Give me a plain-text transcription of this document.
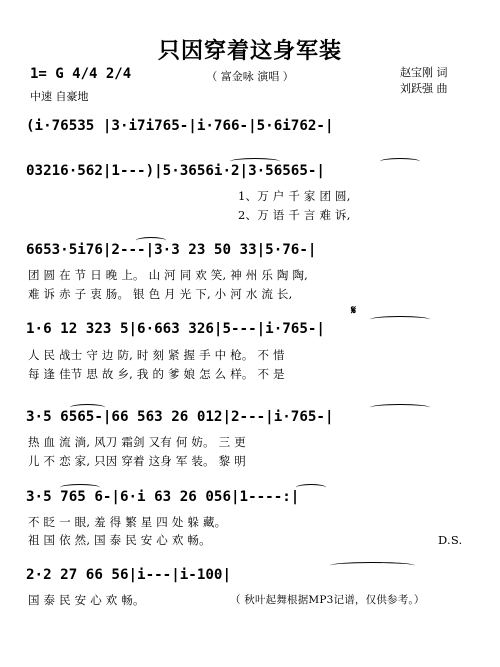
只因穿着这身军装
1= G 4/4 2/4
中速 自豪地
（ 富金咏 演唱 ）	赵宝刚 词
刘跃强 曲
(i·76535 |3·i7i765-|i·766-|5·6i762-|
03216·562|1---)|5·3656i·2|3·56565-|
1、万 户 千 家 团 圆,
2、万 语 千 言 难 诉,
6653·5i76|2---|3·3 23 50 33|5·76-|
团 圆 在 节 日 晚 上。 山 河 同 欢 笑, 神 州 乐 陶 陶,
难 诉 赤 子 衷 肠。 银 色 月 光 下, 小 河 水 流 长,
1·6 12 323 5|6·663 326|5---|i·765-|
𝄋
人 民 战士 守 边 防, 时 刻 紧 握 手 中 枪。 不 惜
每 逢 佳节 思 故 乡, 我 的 爹 娘 怎 么 样。 不 是
3·5 6565-|66 563 26 012|2---|i·765-|
热 血 流 淌, 风刀 霜剑 又有 何 妨。 三 更
儿 不 恋 家, 只因 穿着 这身 军 装。 黎 明
3·5 765 6-|6·i 63 26 056|1----:|
不 眨 一 眼, 羞 得 繁 星 四 处 躲 藏。
祖 国 依 然, 国 泰 民 安 心 欢 畅。	D.S.
2·2 27 66 56|i---|i-100|
国 泰 民 安 心 欢 畅。	（ 秋叶起舞根据MP3记谱，仅供参考。）
